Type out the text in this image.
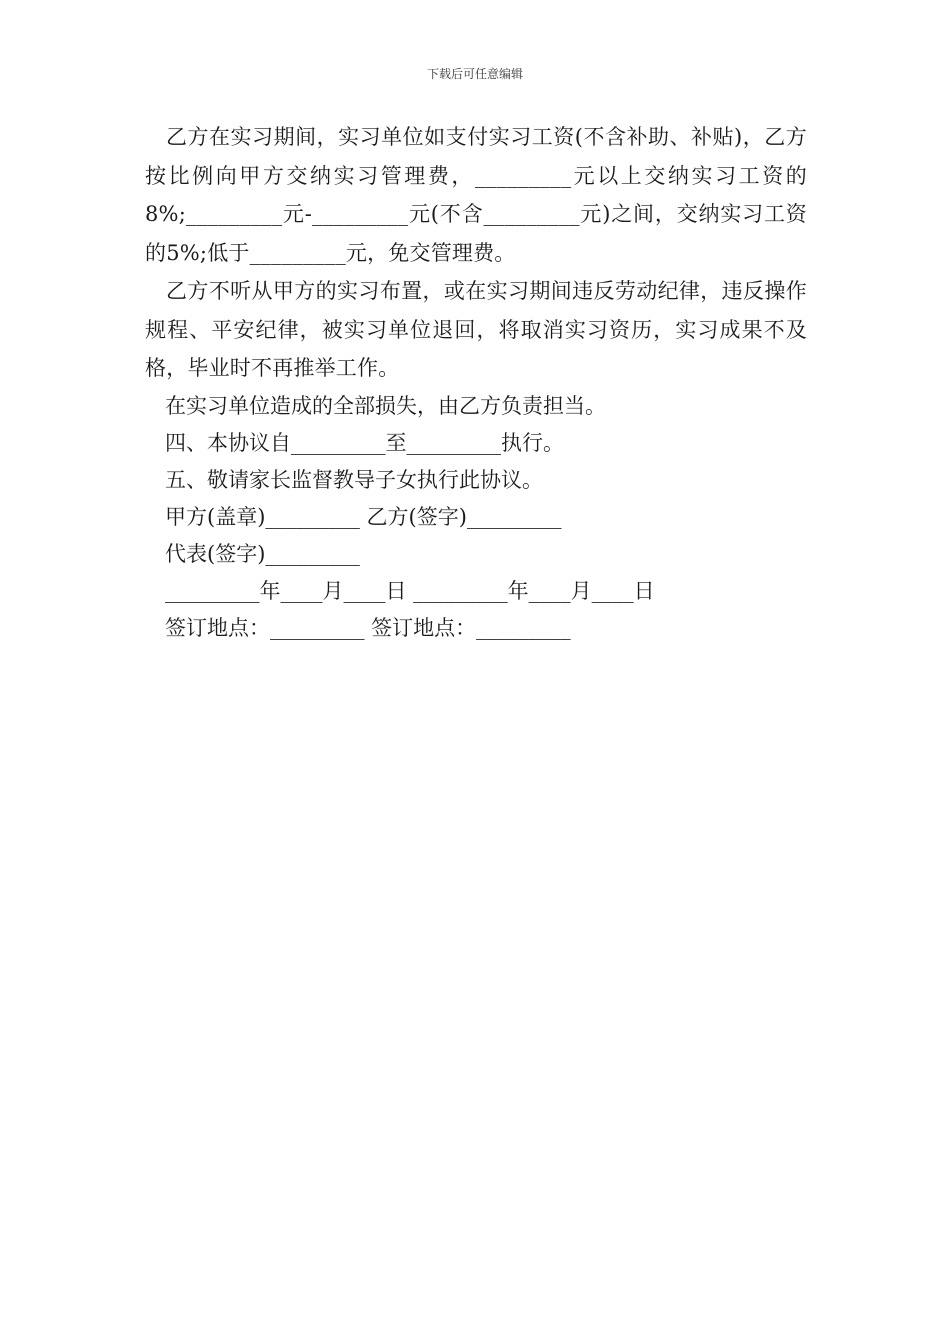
下载后可任意编辑

乙方在实习期间，实习单位如支付实习工资(不含补助、补贴)，乙方按比例向甲方交纳实习管理费，_________元以上交纳实习工资的8%;_________元-_________元(不含_________元)之间，交纳实习工资的5%;低于_________元，免交管理费。

乙方不听从甲方的实习布置，或在实习期间违反劳动纪律，违反操作规程、平安纪律，被实习单位退回，将取消实习资历，实习成果不及格，毕业时不再推举工作。

在实习单位造成的全部损失，由乙方负责担当。

四、本协议自_________至_________执行。

五、敬请家长监督教导子女执行此协议。

甲方(盖章)_________ 乙方(签字)_________

代表(签字)_________

_________年____月____日 _________年____月____日

签订地点：_________ 签订地点：_________
